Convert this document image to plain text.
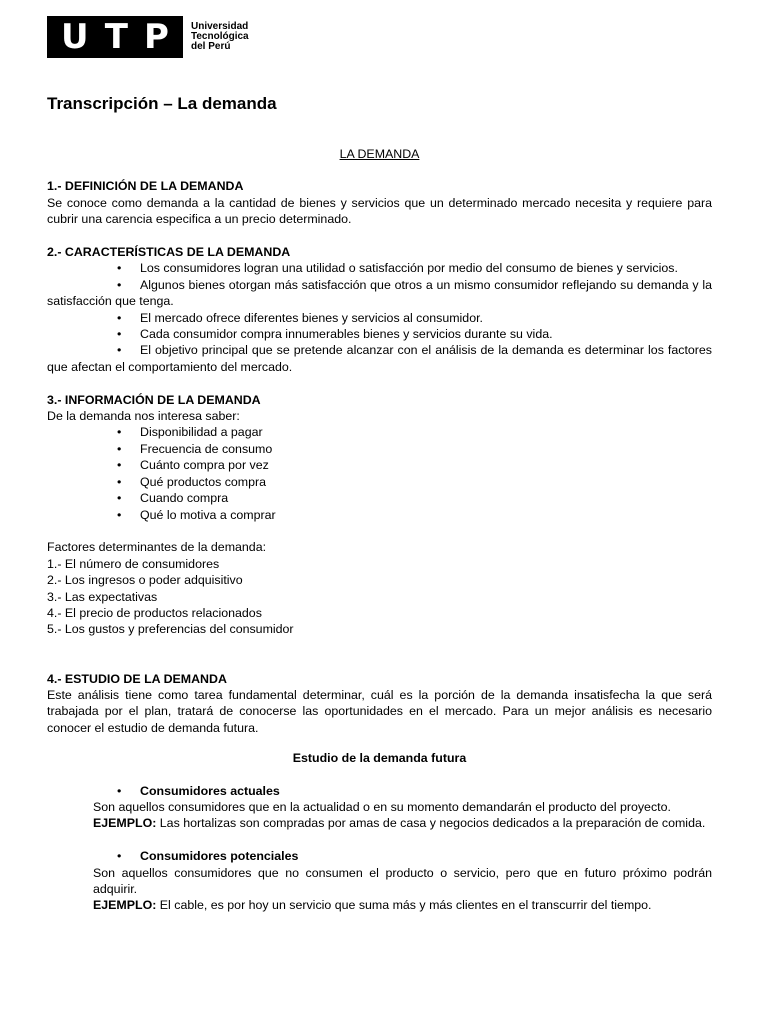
U T P Universidad
Tecnológica
del Perú
Transcripción – La demanda
LA DEMANDA
1.- DEFINICIÓN DE LA DEMANDA
Se conoce como demanda a la cantidad de bienes y servicios que un determinado mercado necesita y requiere para cubrir una carencia especifica a un precio determinado.
2.- CARACTERÍSTICAS DE LA DEMANDA
• Los consumidores logran una utilidad o satisfacción por medio del consumo de bienes y servicios.
• Algunos bienes otorgan más satisfacción que otros a un mismo consumidor reflejando su demanda y la satisfacción que tenga.
• El mercado ofrece diferentes bienes y servicios al consumidor.
• Cada consumidor compra innumerables bienes y servicios durante su vida.
• El objetivo principal que se pretende alcanzar con el análisis de la demanda es determinar los factores que afectan el comportamiento del mercado.
3.- INFORMACIÓN DE LA DEMANDA
De la demanda nos interesa saber:
• Disponibilidad a pagar
• Frecuencia de consumo
• Cuánto compra por vez
• Qué productos compra
• Cuando compra
• Qué lo motiva a comprar
Factores determinantes de la demanda:
1.- El número de consumidores
2.- Los ingresos o poder adquisitivo
3.- Las expectativas
4.- El precio de productos relacionados
5.- Los gustos y preferencias del consumidor
4.- ESTUDIO DE LA DEMANDA
Este análisis tiene como tarea fundamental determinar, cuál es la porción de la demanda insatisfecha la que será trabajada por el plan, tratará de conocerse las oportunidades en el mercado. Para un mejor análisis es necesario conocer el estudio de demanda futura.
Estudio de la demanda futura
• Consumidores actuales
Son aquellos consumidores que en la actualidad o en su momento demandarán el producto del proyecto.
EJEMPLO: Las hortalizas son compradas por amas de casa y negocios dedicados a la preparación de comida.
• Consumidores potenciales
Son aquellos consumidores que no consumen el producto o servicio, pero que en futuro próximo podrán adquirir.
EJEMPLO: El cable, es por hoy un servicio que suma más y más clientes en el transcurrir del tiempo.
